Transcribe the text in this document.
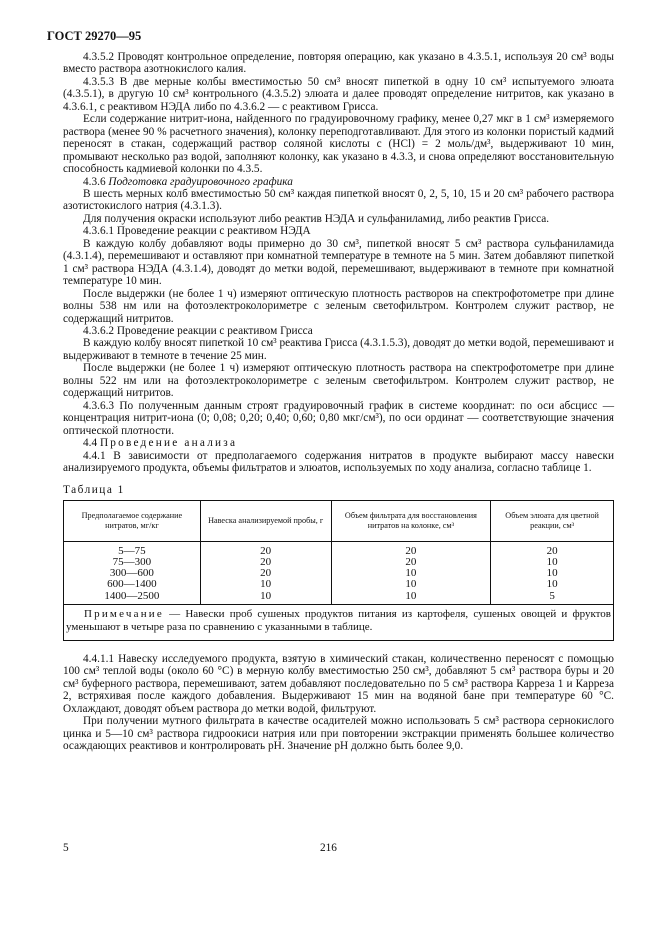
ГОСТ 29270—95

4.3.5.2 Проводят контрольное определение, повторяя операцию, как указано в 4.3.5.1, используя 20 см³ воды вместо раствора азотнокислого калия.

4.3.5.3 В две мерные колбы вместимостью 50 см³ вносят пипеткой в одну 10 см³ испытуемого элюата (4.3.5.1), в другую 10 см³ контрольного (4.3.5.2) элюата и далее проводят определение нитритов, как указано в 4.3.6.1, с реактивом НЭДА либо по 4.3.6.2 — с реактивом Грисса.

Если содержание нитрит-иона, найденного по градуировочному графику, менее 0,27 мкг в 1 см³ измеряемого раствора (менее 90 % расчетного значения), колонку переподготавливают. Для этого из колонки пористый кадмий переносят в стакан, содержащий раствор соляной кислоты c (HCl) = 2 моль/дм³, выдерживают 10 мин, промывают несколько раз водой, заполняют колонку, как указано в 4.3.3, и снова определяют восстановительную способность кадмиевой колонки по 4.3.5.

4.3.6 Подготовка градуировочного графика

В шесть мерных колб вместимостью 50 см³ каждая пипеткой вносят 0, 2, 5, 10, 15 и 20 см³ рабочего раствора азотистокислого натрия (4.3.1.3).

Для получения окраски используют либо реактив НЭДА и сульфаниламид, либо реактив Грисса.

4.3.6.1 Проведение реакции с реактивом НЭДА

В каждую колбу добавляют воды примерно до 30 см³, пипеткой вносят 5 см³ раствора сульфаниламида (4.3.1.4), перемешивают и оставляют при комнатной температуре в темноте на 5 мин. Затем добавляют пипеткой 1 см³ раствора НЭДА (4.3.1.4), доводят до метки водой, перемешивают, выдерживают в темноте при комнатной температуре 10 мин.

После выдержки (не более 1 ч) измеряют оптическую плотность растворов на спектрофотометре при длине волны 538 нм или на фотоэлектроколориметре с зеленым светофильтром. Контролем служит раствор, не содержащий нитритов.

4.3.6.2 Проведение реакции с реактивом Грисса

В каждую колбу вносят пипеткой 10 см³ реактива Грисса (4.3.1.5.3), доводят до метки водой, перемешивают и выдерживают в темноте в течение 25 мин.

После выдержки (не более 1 ч) измеряют оптическую плотность раствора на спектрофотометре при длине волны 522 нм или на фотоэлектроколориметре с зеленым светофильтром. Контролем служит раствор, не содержащий нитритов.

4.3.6.3 По полученным данным строят градуировочный график в системе координат: по оси абсцисс — концентрация нитрит-иона (0; 0,08; 0,20; 0,40; 0,60; 0,80 мкг/см³), по оси ординат — соответствующие значения оптической плотности.

4.4 Проведение анализа

4.4.1 В зависимости от предполагаемого содержания нитратов в продукте выбирают массу навески анализируемого продукта, объемы фильтратов и элюатов, используемых по ходу анализа, согласно таблице 1.

Таблица 1

Предполагаемое содержание нитратов, мг/кг	Навеска анализируемой пробы, г	Объем фильтрата для восстановления нитратов на колонке, см³	Объем элюата для цветной реакции, см³
5—75	20	20	20
75—300	20	20	10
300—600	20	10	10
600—1400	10	10	10
1400—2500	10	10	5
Примечание — Навески проб сушеных продуктов питания из картофеля, сушеных овощей и фруктов уменьшают в четыре раза по сравнению с указанными в таблице.			

4.4.1.1 Навеску исследуемого продукта, взятую в химический стакан, количественно переносят с помощью 100 см³ теплой воды (около 60 °С) в мерную колбу вместимостью 250 см³, добавляют 5 см³ раствора буры и 20 см³ буферного раствора, перемешивают, затем добавляют последовательно по 5 см³ раствора Карреза 1 и Карреза 2, встряхивая после каждого добавления. Выдерживают 15 мин на водяной бане при температуре 60 °С. Охлаждают, доводят объем раствора до метки водой, фильтруют.

При получении мутного фильтрата в качестве осадителей можно использовать 5 см³ раствора сернокислого цинка и 5—10 см³ раствора гидроокиси натрия или при повторении экстракции применять большее количество осаждающих реактивов и контролировать рН. Значение рН должно быть более 9,0.

5	216
